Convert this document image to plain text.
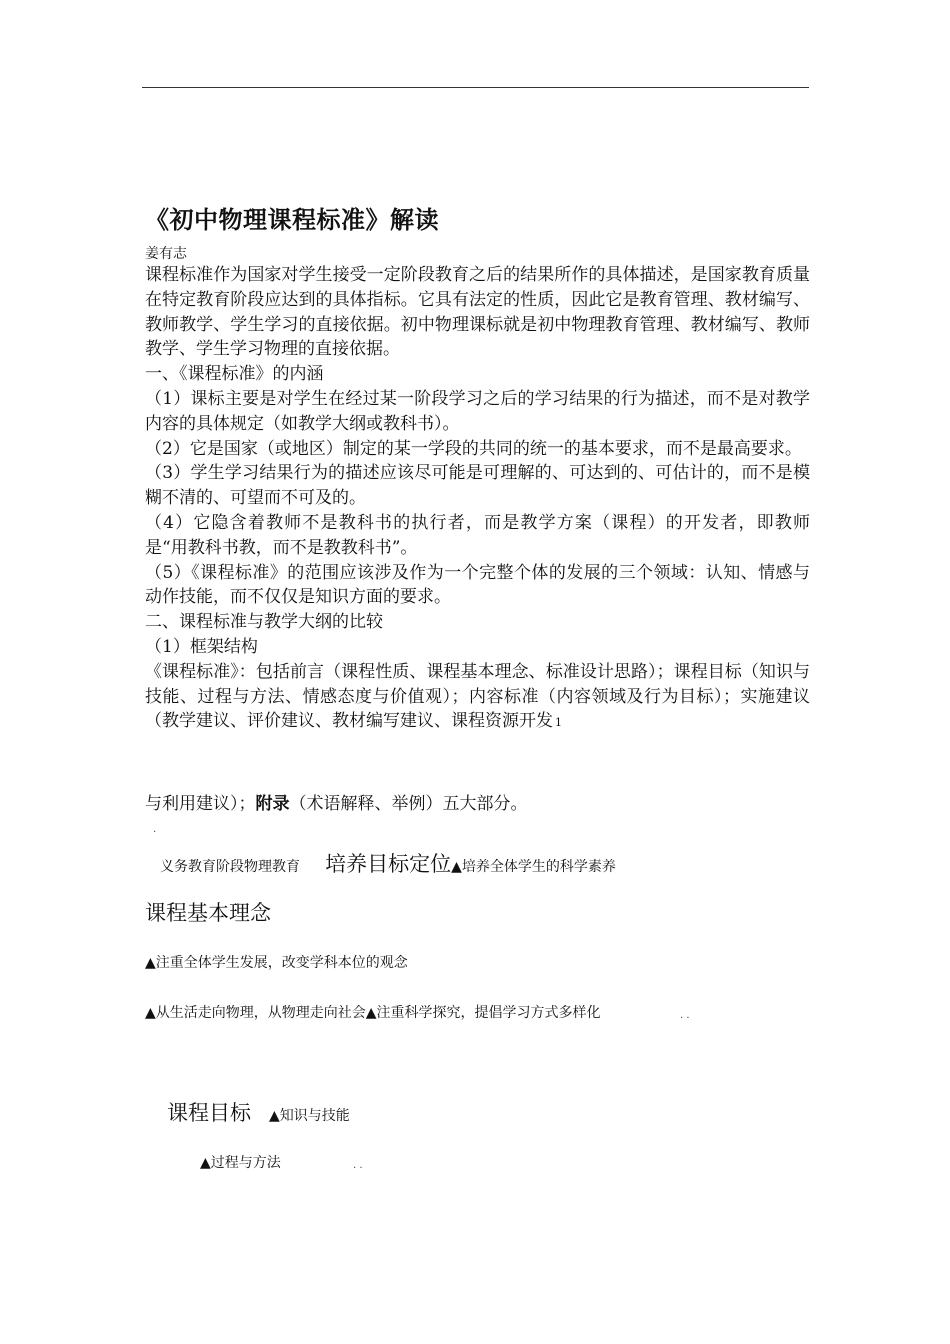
《初中物理课程标准》解读
姜有志

课程标准作为国家对学生接受一定阶段教育之后的结果所作的具体描述，是国家教育质量在特定教育阶段应达到的具体指标。它具有法定的性质，因此它是教育管理、教材编写、教师教学、学生学习的直接依据。初中物理课标就是初中物理教育管理、教材编写、教师教学、学生学习物理的直接依据。

一、《课程标准》的内涵

（1）课标主要是对学生在经过某一阶段学习之后的学习结果的行为描述，而不是对教学内容的具体规定（如教学大纲或教科书）。

（2）它是国家（或地区）制定的某一学段的共同的统一的基本要求，而不是最高要求。

（3）学生学习结果行为的描述应该尽可能是可理解的、可达到的、可估计的，而不是模糊不清的、可望而不可及的。

（4）它隐含着教师不是教科书的执行者，而是教学方案（课程）的开发者，即教师是“用教科书教，而不是教教科书”。

（5）《课程标准》的范围应该涉及作为一个完整个体的发展的三个领域：认知、情感与动作技能，而不仅仅是知识方面的要求。

二、课程标准与教学大纲的比较

（1）框架结构

《课程标准》：包括前言（课程性质、课程基本理念、标准设计思路）；课程目标（知识与技能、过程与方法、情感态度与价值观）；内容标准（内容领域及行为目标）；实施建议（教学建议、评价建议、教材编写建议、课程资源开发 1

与利用建议）；附录（术语解释、举例）五大部分。
.
义务教育阶段物理教育 培养目标定位▲培养全体学生的科学素养
课程基本理念
▲注重全体学生发展，改变学科本位的观念
▲从生活走向物理，从物理走向社会▲注重科学探究，提倡学习方式多样化	. .
课程目标 ▲知识与技能
▲过程与方法	. .
